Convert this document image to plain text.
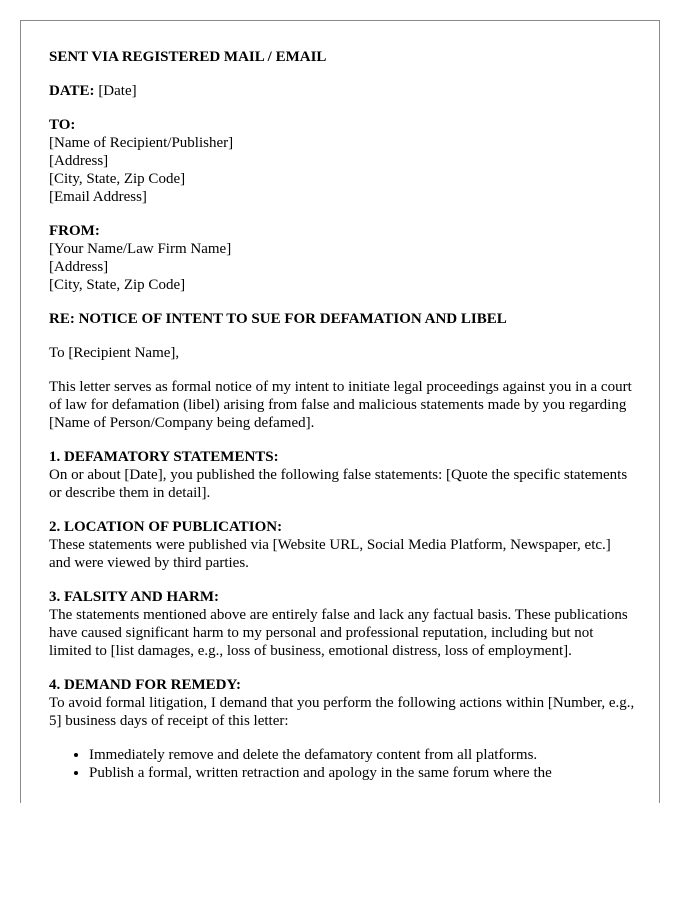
SENT VIA REGISTERED MAIL / EMAIL

DATE: [Date]

TO:
[Name of Recipient/Publisher]
[Address]
[City, State, Zip Code]
[Email Address]
FROM:
[Your Name/Law Firm Name]
[Address]
[City, State, Zip Code]

RE: NOTICE OF INTENT TO SUE FOR DEFAMATION AND LIBEL

To [Recipient Name],

This letter serves as formal notice of my intent to initiate legal proceedings against you in a court of law for defamation (libel) arising from false and malicious statements made by you regarding [Name of Person/Company being defamed].

1. DEFAMATORY STATEMENTS:
On or about [Date], you published the following false statements: [Quote the specific statements or describe them in detail].
2. LOCATION OF PUBLICATION:
These statements were published via [Website URL, Social Media Platform, Newspaper, etc.] and were viewed by third parties.
3. FALSITY AND HARM:
The statements mentioned above are entirely false and lack any factual basis. These publications have caused significant harm to my personal and professional reputation, including but not limited to [list damages, e.g., loss of business, emotional distress, loss of employment].
4. DEMAND FOR REMEDY:
To avoid formal litigation, I demand that you perform the following actions within [Number, e.g., 5] business days of receipt of this letter:
• Immediately remove and delete the defamatory content from all platforms.
• Publish a formal, written retraction and apology in the same forum where the
